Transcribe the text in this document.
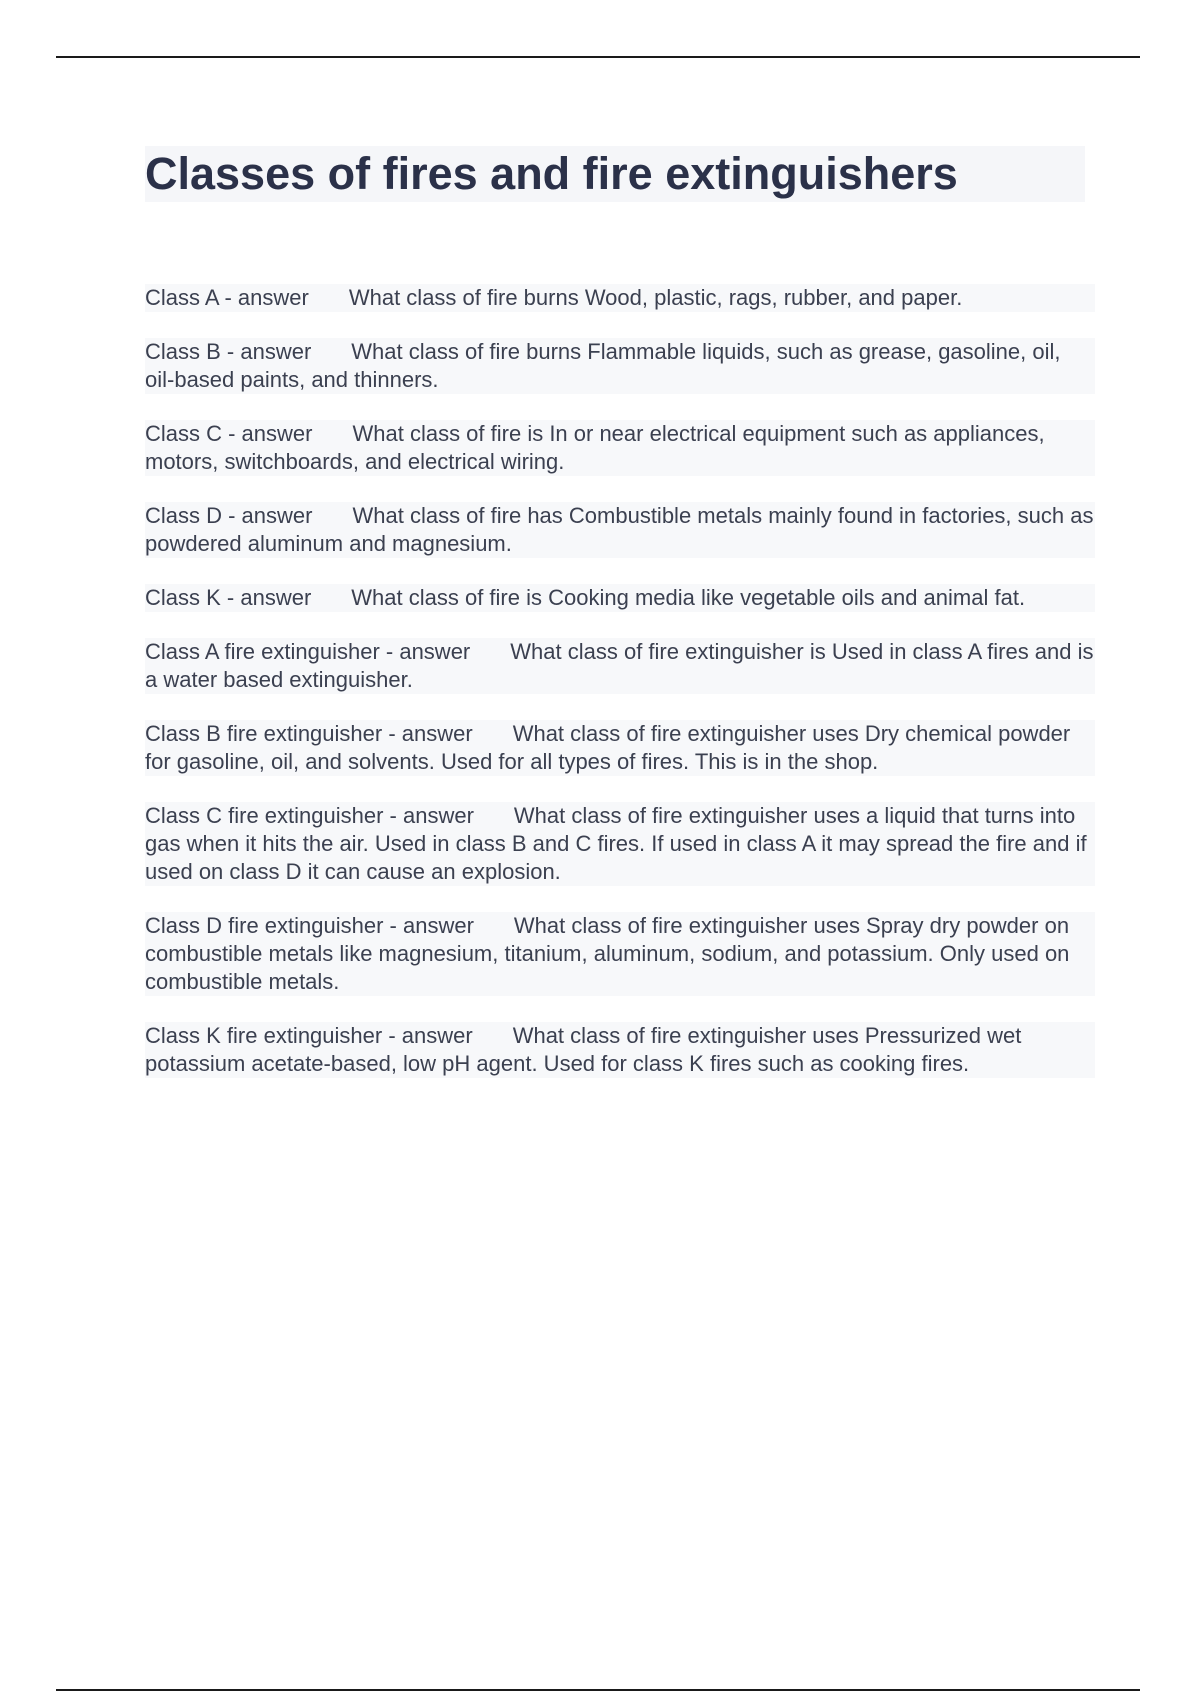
Classes of fires and fire extinguishers

Class A - answer What class of fire burns Wood, plastic, rags, rubber, and paper.

Class B - answer What class of fire burns Flammable liquids, such as grease, gasoline, oil, oil-based paints, and thinners.

Class C - answer What class of fire is In or near electrical equipment such as appliances, motors, switchboards, and electrical wiring.

Class D - answer What class of fire has Combustible metals mainly found in factories, such as powdered aluminum and magnesium.

Class K - answer What class of fire is Cooking media like vegetable oils and animal fat.

Class A fire extinguisher - answer What class of fire extinguisher is Used in class A fires and is a water based extinguisher.

Class B fire extinguisher - answer What class of fire extinguisher uses Dry chemical powder for gasoline, oil, and solvents. Used for all types of fires. This is in the shop.

Class C fire extinguisher - answer What class of fire extinguisher uses a liquid that turns into gas when it hits the air. Used in class B and C fires. If used in class A it may spread the fire and if used on class D it can cause an explosion.

Class D fire extinguisher - answer What class of fire extinguisher uses Spray dry powder on combustible metals like magnesium, titanium, aluminum, sodium, and potassium. Only used on combustible metals.

Class K fire extinguisher - answer What class of fire extinguisher uses Pressurized wet potassium acetate-based, low pH agent. Used for class K fires such as cooking fires.
